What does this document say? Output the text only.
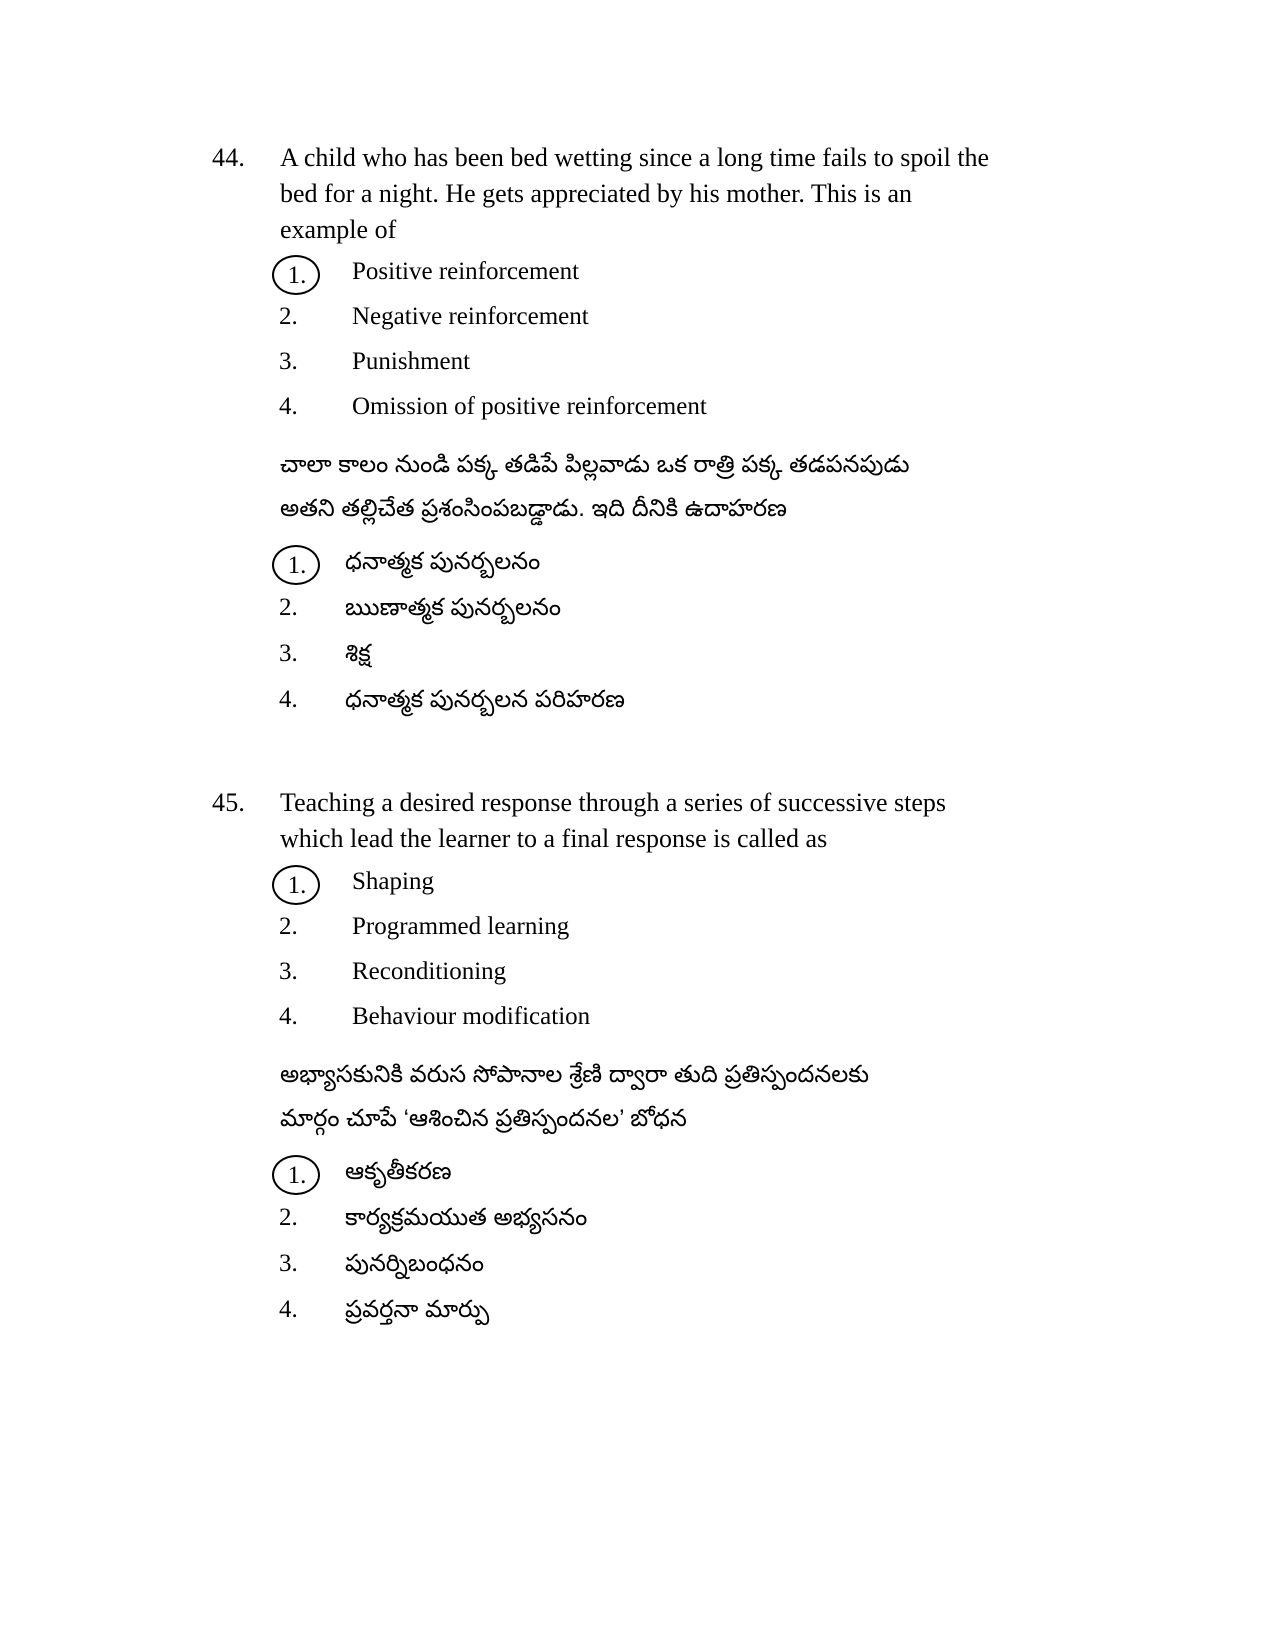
44. A child who has been bed wetting since a long time fails to spoil the
bed for a night. He gets appreciated by his mother. This is an
example of
1.	Positive reinforcement
2.	Negative reinforcement
3.	Punishment
4.	Omission of positive reinforcement
చాలా కాలం నుండి పక్క తడిపే పిల్లవాడు ఒక రాత్రి పక్క తడపనపుడు
అతని తల్లిచేత ప్రశంసింపబడ్డాడు. ఇది దీనికి ఉదాహరణ
1.	ధనాత్మక పునర్బలనం
2.	ఋణాత్మక పునర్బలనం
3.	శిక్ష
4.	ధనాత్మక పునర్బలన పరిహరణ
45. Teaching a desired response through a series of successive steps
which lead the learner to a final response is called as
1.	Shaping
2.	Programmed learning
3.	Reconditioning
4.	Behaviour modification
అభ్యాసకునికి వరుస సోపానాల శ్రేణి ద్వారా తుది ప్రతిస్పందనలకు
మార్గం చూపే ‘ఆశించిన ప్రతిస్పందనల’ బోధన
1.	ఆకృతీకరణ
2.	కార్యక్రమయుత అభ్యసనం
3.	పునర్నిబంధనం
4.	ప్రవర్తనా మార్పు
